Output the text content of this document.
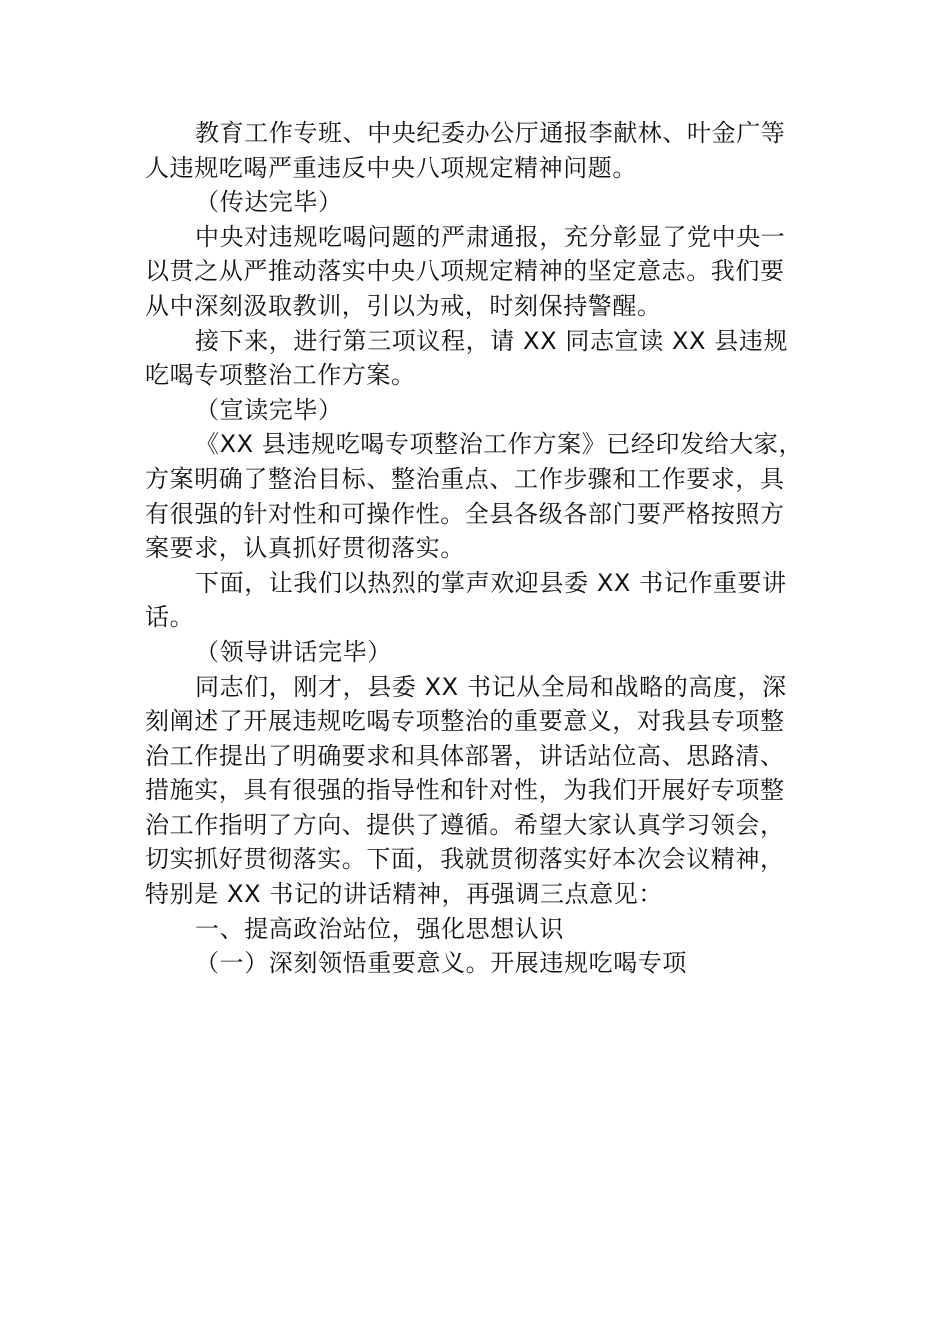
教育工作专班、中央纪委办公厅通报李献林、叶金广等
人违规吃喝严重违反中央八项规定精神问题。
（传达完毕）
中央对违规吃喝问题的严肃通报，充分彰显了党中央一
以贯之从严推动落实中央八项规定精神的坚定意志。我们要
从中深刻汲取教训，引以为戒，时刻保持警醒。
接下来，进行第三项议程，请 XX 同志宣读 XX 县违规
吃喝专项整治工作方案。
（宣读完毕）
《XX 县违规吃喝专项整治工作方案》已经印发给大家，
方案明确了整治目标、整治重点、工作步骤和工作要求，具
有很强的针对性和可操作性。全县各级各部门要严格按照方
案要求，认真抓好贯彻落实。
下面，让我们以热烈的掌声欢迎县委 XX 书记作重要讲
话。
（领导讲话完毕）
同志们，刚才，县委 XX 书记从全局和战略的高度，深
刻阐述了开展违规吃喝专项整治的重要意义，对我县专项整
治工作提出了明确要求和具体部署，讲话站位高、思路清、
措施实，具有很强的指导性和针对性，为我们开展好专项整
治工作指明了方向、提供了遵循。希望大家认真学习领会，
切实抓好贯彻落实。下面，我就贯彻落实好本次会议精神，
特别是 XX 书记的讲话精神，再强调三点意见：
一、提高政治站位，强化思想认识
（一）深刻领悟重要意义。开展违规吃喝专项
